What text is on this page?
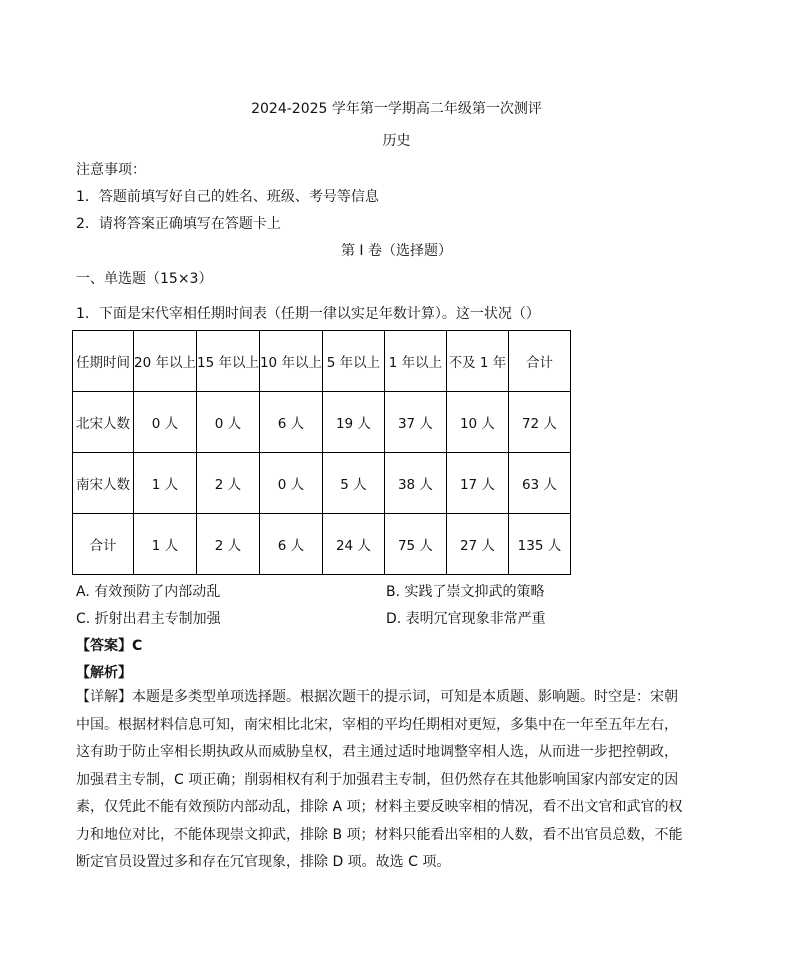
2024-2025 学年第一学期高二年级第一次测评
历史
注意事项：
1．答题前填写好自己的姓名、班级、考号等信息
2．请将答案正确填写在答题卡上
第 I 卷（选择题）
一、单选题（15×3）
1．下面是宋代宰相任期时间表（任期一律以实足年数计算）。这一状况（）
任期时间	20 年以上	15 年以上	10 年以上	5 年以上	1 年以上	不及 1 年	合计
北宋人数	0 人	0 人	6 人	19 人	37 人	10 人	72 人
南宋人数	1 人	2 人	0 人	5 人	38 人	17 人	63 人
合计	1 人	2 人	6 人	24 人	75 人	27 人	135 人
A. 有效预防了内部动乱	B. 实践了崇文抑武的策略
C. 折射出君主专制加强	D. 表明冗官现象非常严重
【答案】C
【解析】
【详解】本题是多类型单项选择题。根据次题干的提示词，可知是本质题、影响题。时空是：宋朝
中国。根据材料信息可知，南宋相比北宋，宰相的平均任期相对更短，多集中在一年至五年左右，
这有助于防止宰相长期执政从而威胁皇权，君主通过适时地调整宰相人选，从而进一步把控朝政，
加强君主专制，C 项正确；削弱相权有利于加强君主专制，但仍然存在其他影响国家内部安定的因
素，仅凭此不能有效预防内部动乱，排除 A 项；材料主要反映宰相的情况，看不出文官和武官的权
力和地位对比，不能体现崇文抑武，排除 B 项；材料只能看出宰相的人数，看不出官员总数，不能
断定官员设置过多和存在冗官现象，排除 D 项。故选 C 项。
